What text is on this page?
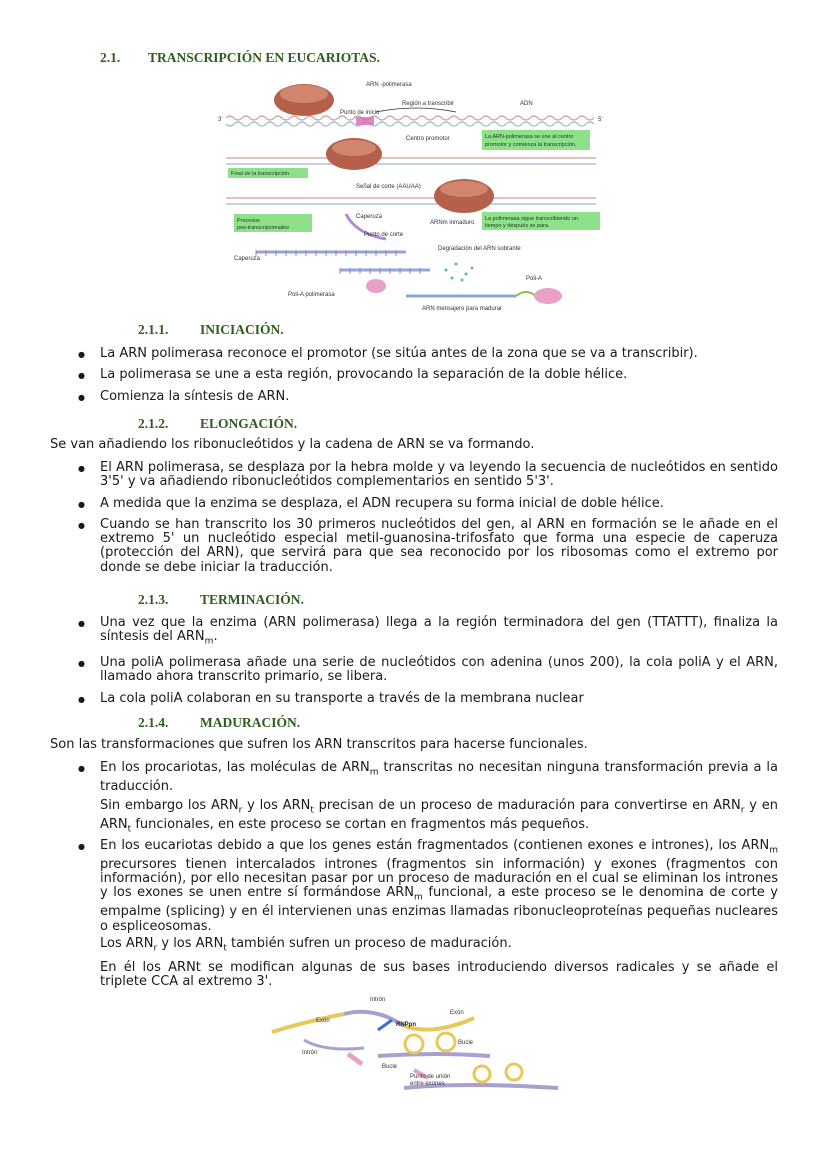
2.1. TRANSCRIPCIÓN EN EUCARIOTAS.
ARN -polimerasa
Punto de inicio
Región a transcribir	ADN
Centro promotor	La ARN-polimerasa se une al centro
promotor y comienza la transcripción.
3'	5'
Final de la transcripción
Señal de corte (AAUAA)
Procesos
pos-transcripcionales
Caperuza
ARNm inmaduro
La polimerasa sigue transcribiendo un
tiempo y después se para.
Punto de corte
Caperuza
Degradación del ARN sobrante
Poli-A polimerasa
Poli-A
ARN mensajero para madurar
2.1.1. INICIACIÓN.
● La ARN polimerasa reconoce el promotor (se sitúa antes de la zona que se va a transcribir).
● La polimerasa se une a esta región, provocando la separación de la doble hélice.
● Comienza la síntesis de ARN.
2.1.2. ELONGACIÓN.
Se van añadiendo los ribonucleótidos y la cadena de ARN se va formando.
● El ARN polimerasa, se desplaza por la hebra molde y va leyendo la secuencia de nucleótidos en sentido 3'5' y va añadiendo ribonucleótidos complementarios en sentido 5'3'.
● A medida que la enzima se desplaza, el ADN recupera su forma inicial de doble hélice.
● Cuando se han transcrito los 30 primeros nucleótidos del gen, al ARN en formación se le añade en el extremo 5' un nucleótido especial metil-guanosina-trifosfato que forma una especie de caperuza (protección del ARN), que servirá para que sea reconocido por los ribosomas como el extremo por donde se debe iniciar la traducción.
2.1.3. TERMINACIÓN.
● Una vez que la enzima (ARN polimerasa) llega a la región terminadora del gen (TTATTT), finaliza la síntesis del $ARN_m$.
● Una poliA polimerasa añade una serie de nucleótidos con adenina (unos 200), la cola poliA y el ARN, llamado ahora transcrito primario, se libera.
● La cola poliA colaboran en su transporte a través de la membrana nuclear
2.1.4. MADURACIÓN.
Son las transformaciones que sufren los ARN transcritos para hacerse funcionales.
● En los procariotas, las moléculas de $ARN_m$ transcritas no necesitan ninguna transformación previa a la traducción.
Sin embargo los $ARN_r$ y los $ARN_t$ precisan de un proceso de maduración para convertirse en $ARN_r$ y en $ARN_t$ funcionales, en este proceso se cortan en fragmentos más pequeños.
● En los eucariotas debido a que los genes están fragmentados (contienen exones e intrones), los $ARN_m$ precursores tienen intercalados intrones (fragmentos sin información) y exones (fragmentos con información), por ello necesitan pasar por un proceso de maduración en el cual se eliminan los intrones y los exones se unen entre sí formándose $ARN_m$ funcional, a este proceso se le denomina de corte y empalme (splicing) y en él intervienen unas enzimas llamadas ribonucleoproteínas pequeñas nucleares o espliceosomas.
Los $ARN_r$ y los $ARN_t$ también sufren un proceso de maduración.
En él los ARNt se modifican algunas de sus bases introduciendo diversos radicales y se añade el triplete CCA al extremo 3'.
Intrón
Exón
Exón
RNPpn
Intrón
Bucle
Bucle
Punto de unión
entre exones
